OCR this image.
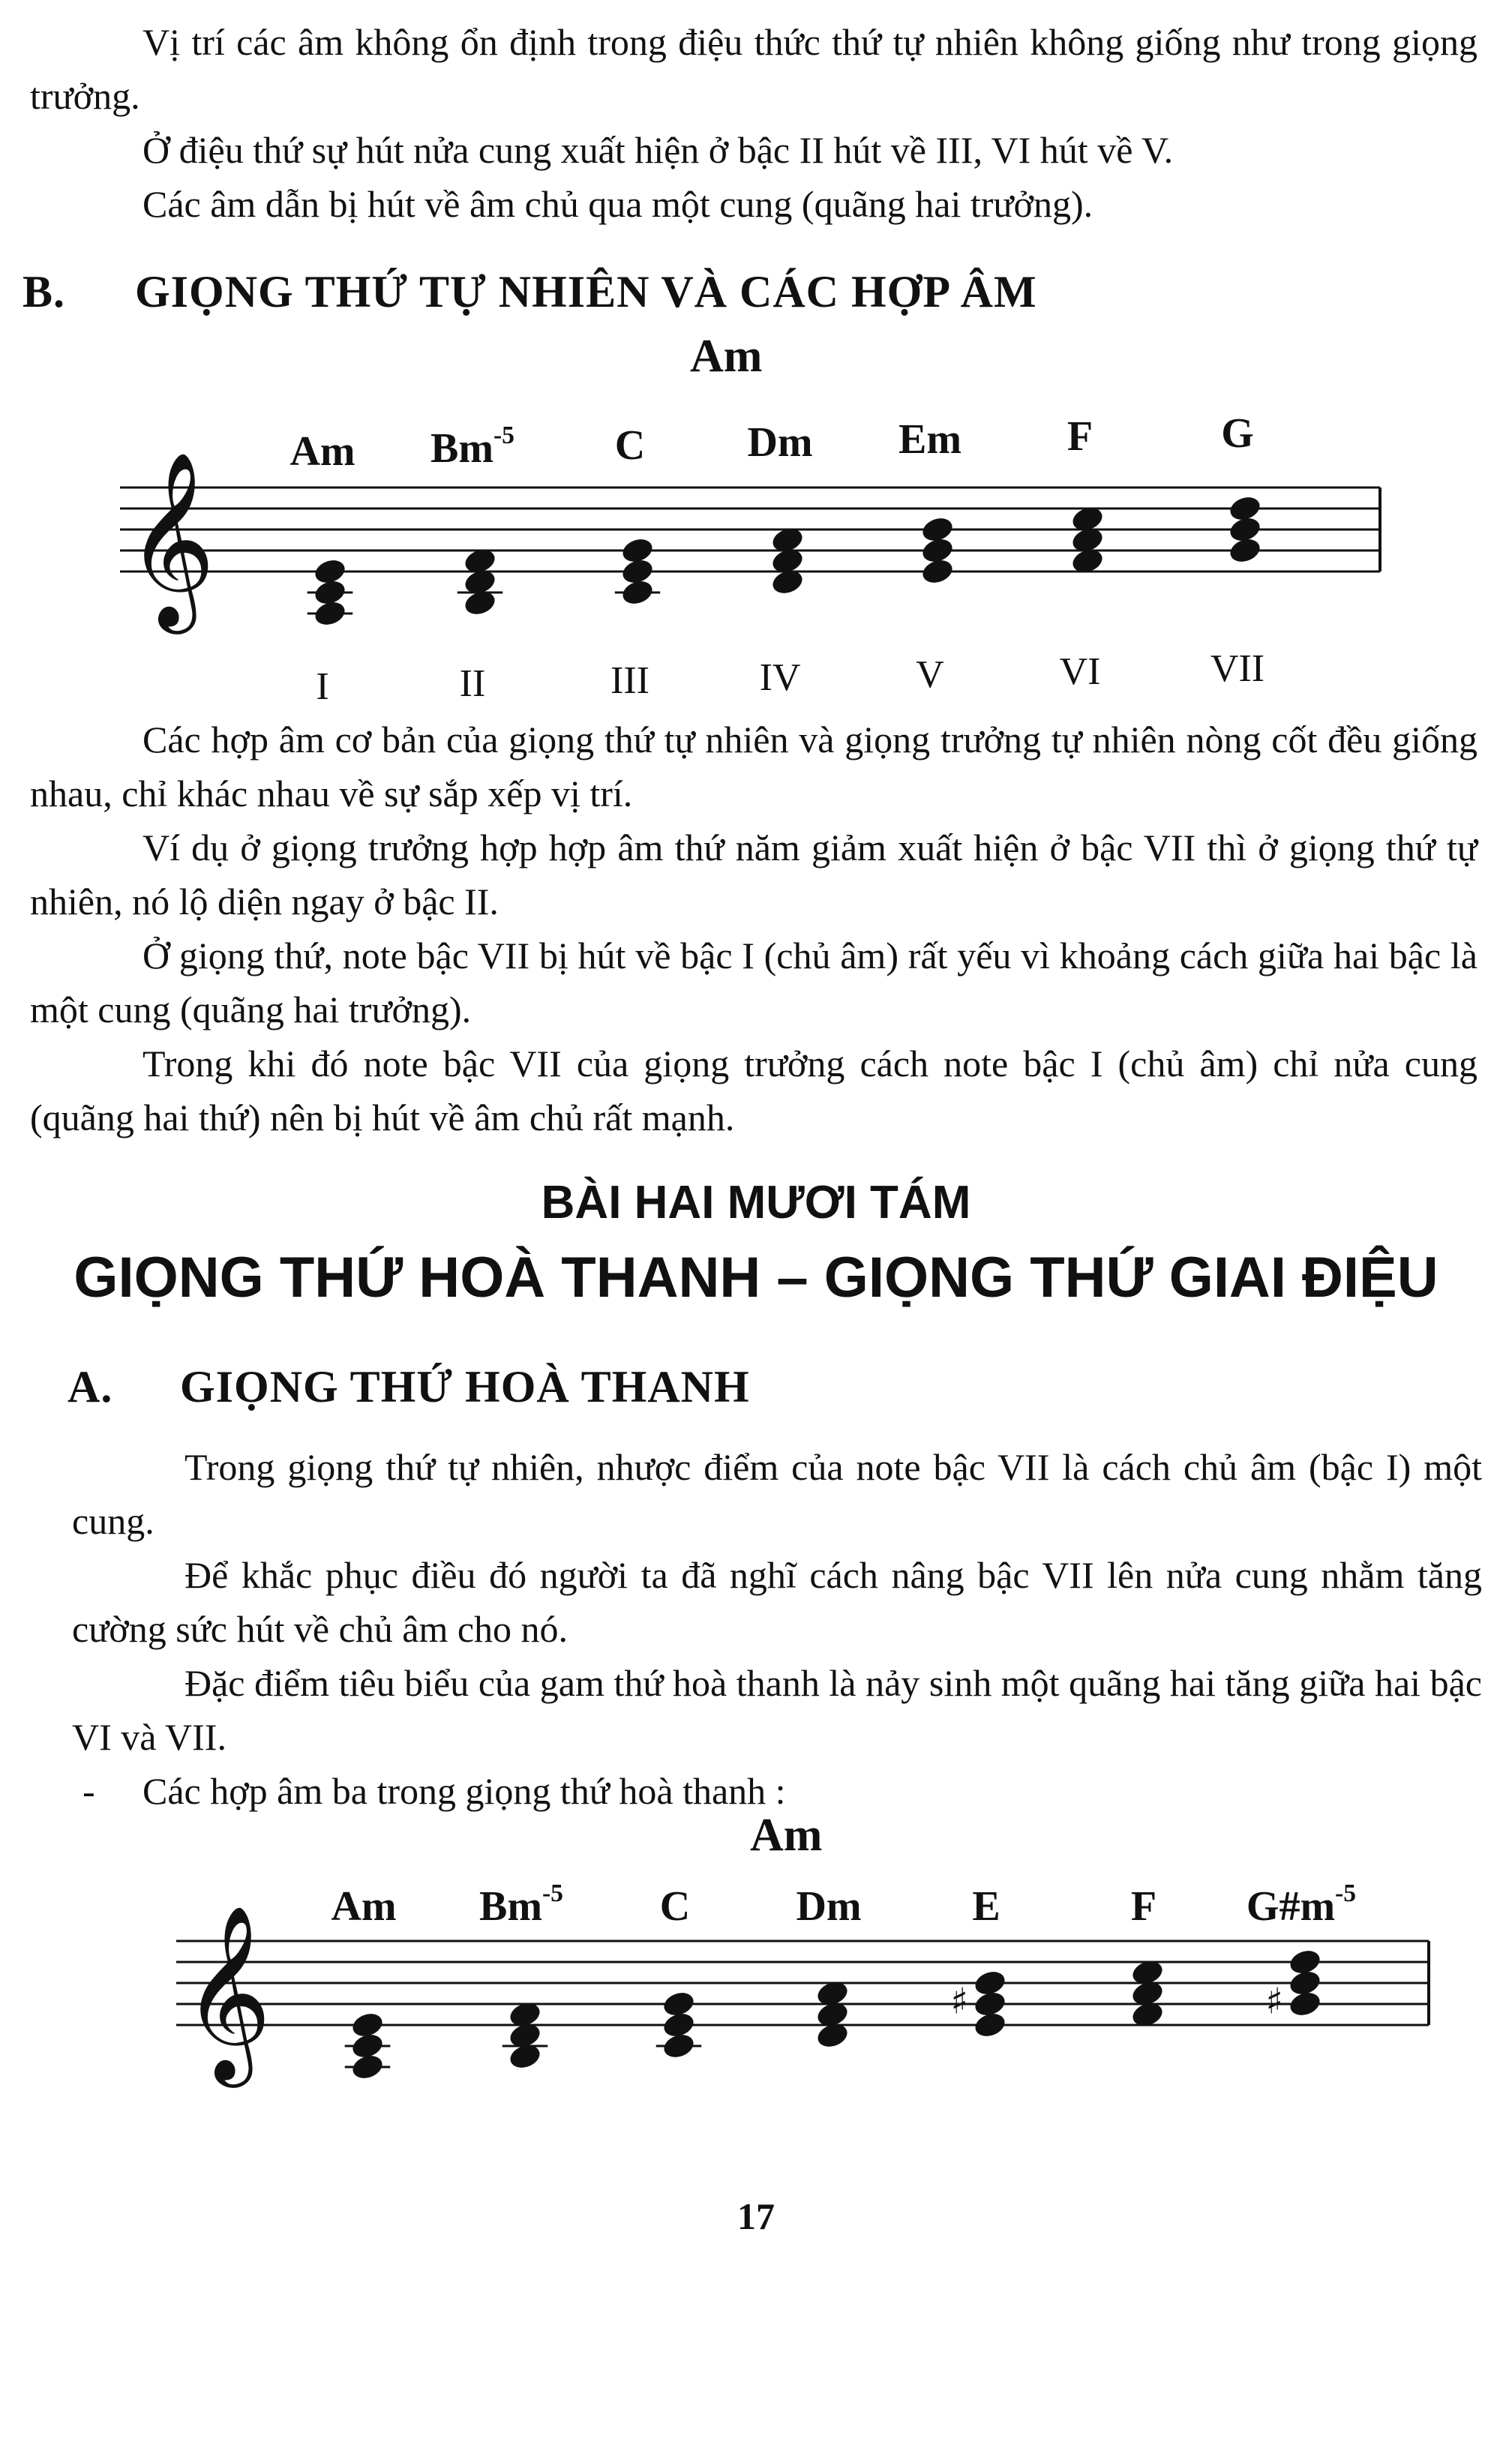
Vị trí các âm không ổn định trong điệu thức thứ tự nhiên không giống như trong giọng trưởng.
Ở điệu thứ sự hút nửa cung xuất hiện ở bậc II hút về III, VI hút về V.
Các âm dẫn bị hút về âm chủ qua một cung (quãng hai trưởng).
B. GIỌNG THỨ TỰ NHIÊN VÀ CÁC HỢP ÂM
Am
𝄞 Am
I
$Bm^{-5}$
II
C
III
Dm
IV
Em
V
F
VI
G
VII
Các hợp âm cơ bản của giọng thứ tự nhiên và giọng trưởng tự nhiên nòng cốt đều giống nhau, chỉ khác nhau về sự sắp xếp vị trí.
Ví dụ ở giọng trưởng hợp hợp âm thứ năm giảm xuất hiện ở bậc VII thì ở giọng thứ tự nhiên, nó lộ diện ngay ở bậc II.
Ở giọng thứ, note bậc VII bị hút về bậc I (chủ âm) rất yếu vì khoảng cách giữa hai bậc là một cung (quãng hai trưởng).
Trong khi đó note bậc VII của giọng trưởng cách note bậc I (chủ âm) chỉ nửa cung (quãng hai thứ) nên bị hút về âm chủ rất mạnh.
BÀI HAI MƯƠI TÁM
GIỌNG THỨ HOÀ THANH – GIỌNG THỨ GIAI ĐIỆU
A. GIỌNG THỨ HOÀ THANH
Trong giọng thứ tự nhiên, nhược điểm của note bậc VII là cách chủ âm (bậc I) một cung.
Để khắc phục điều đó người ta đã nghĩ cách nâng bậc VII lên nửa cung nhằm tăng cường sức hút về chủ âm cho nó.
Đặc điểm tiêu biểu của gam thứ hoà thanh là nảy sinh một quãng hai tăng giữa hai bậc VI và VII.
- Các hợp âm ba trong giọng thứ hoà thanh :
Am
𝄞 Am $Bm^{-5}$ C	Dm
♯
E	F
♯
$G\#m^{-5}$
17
